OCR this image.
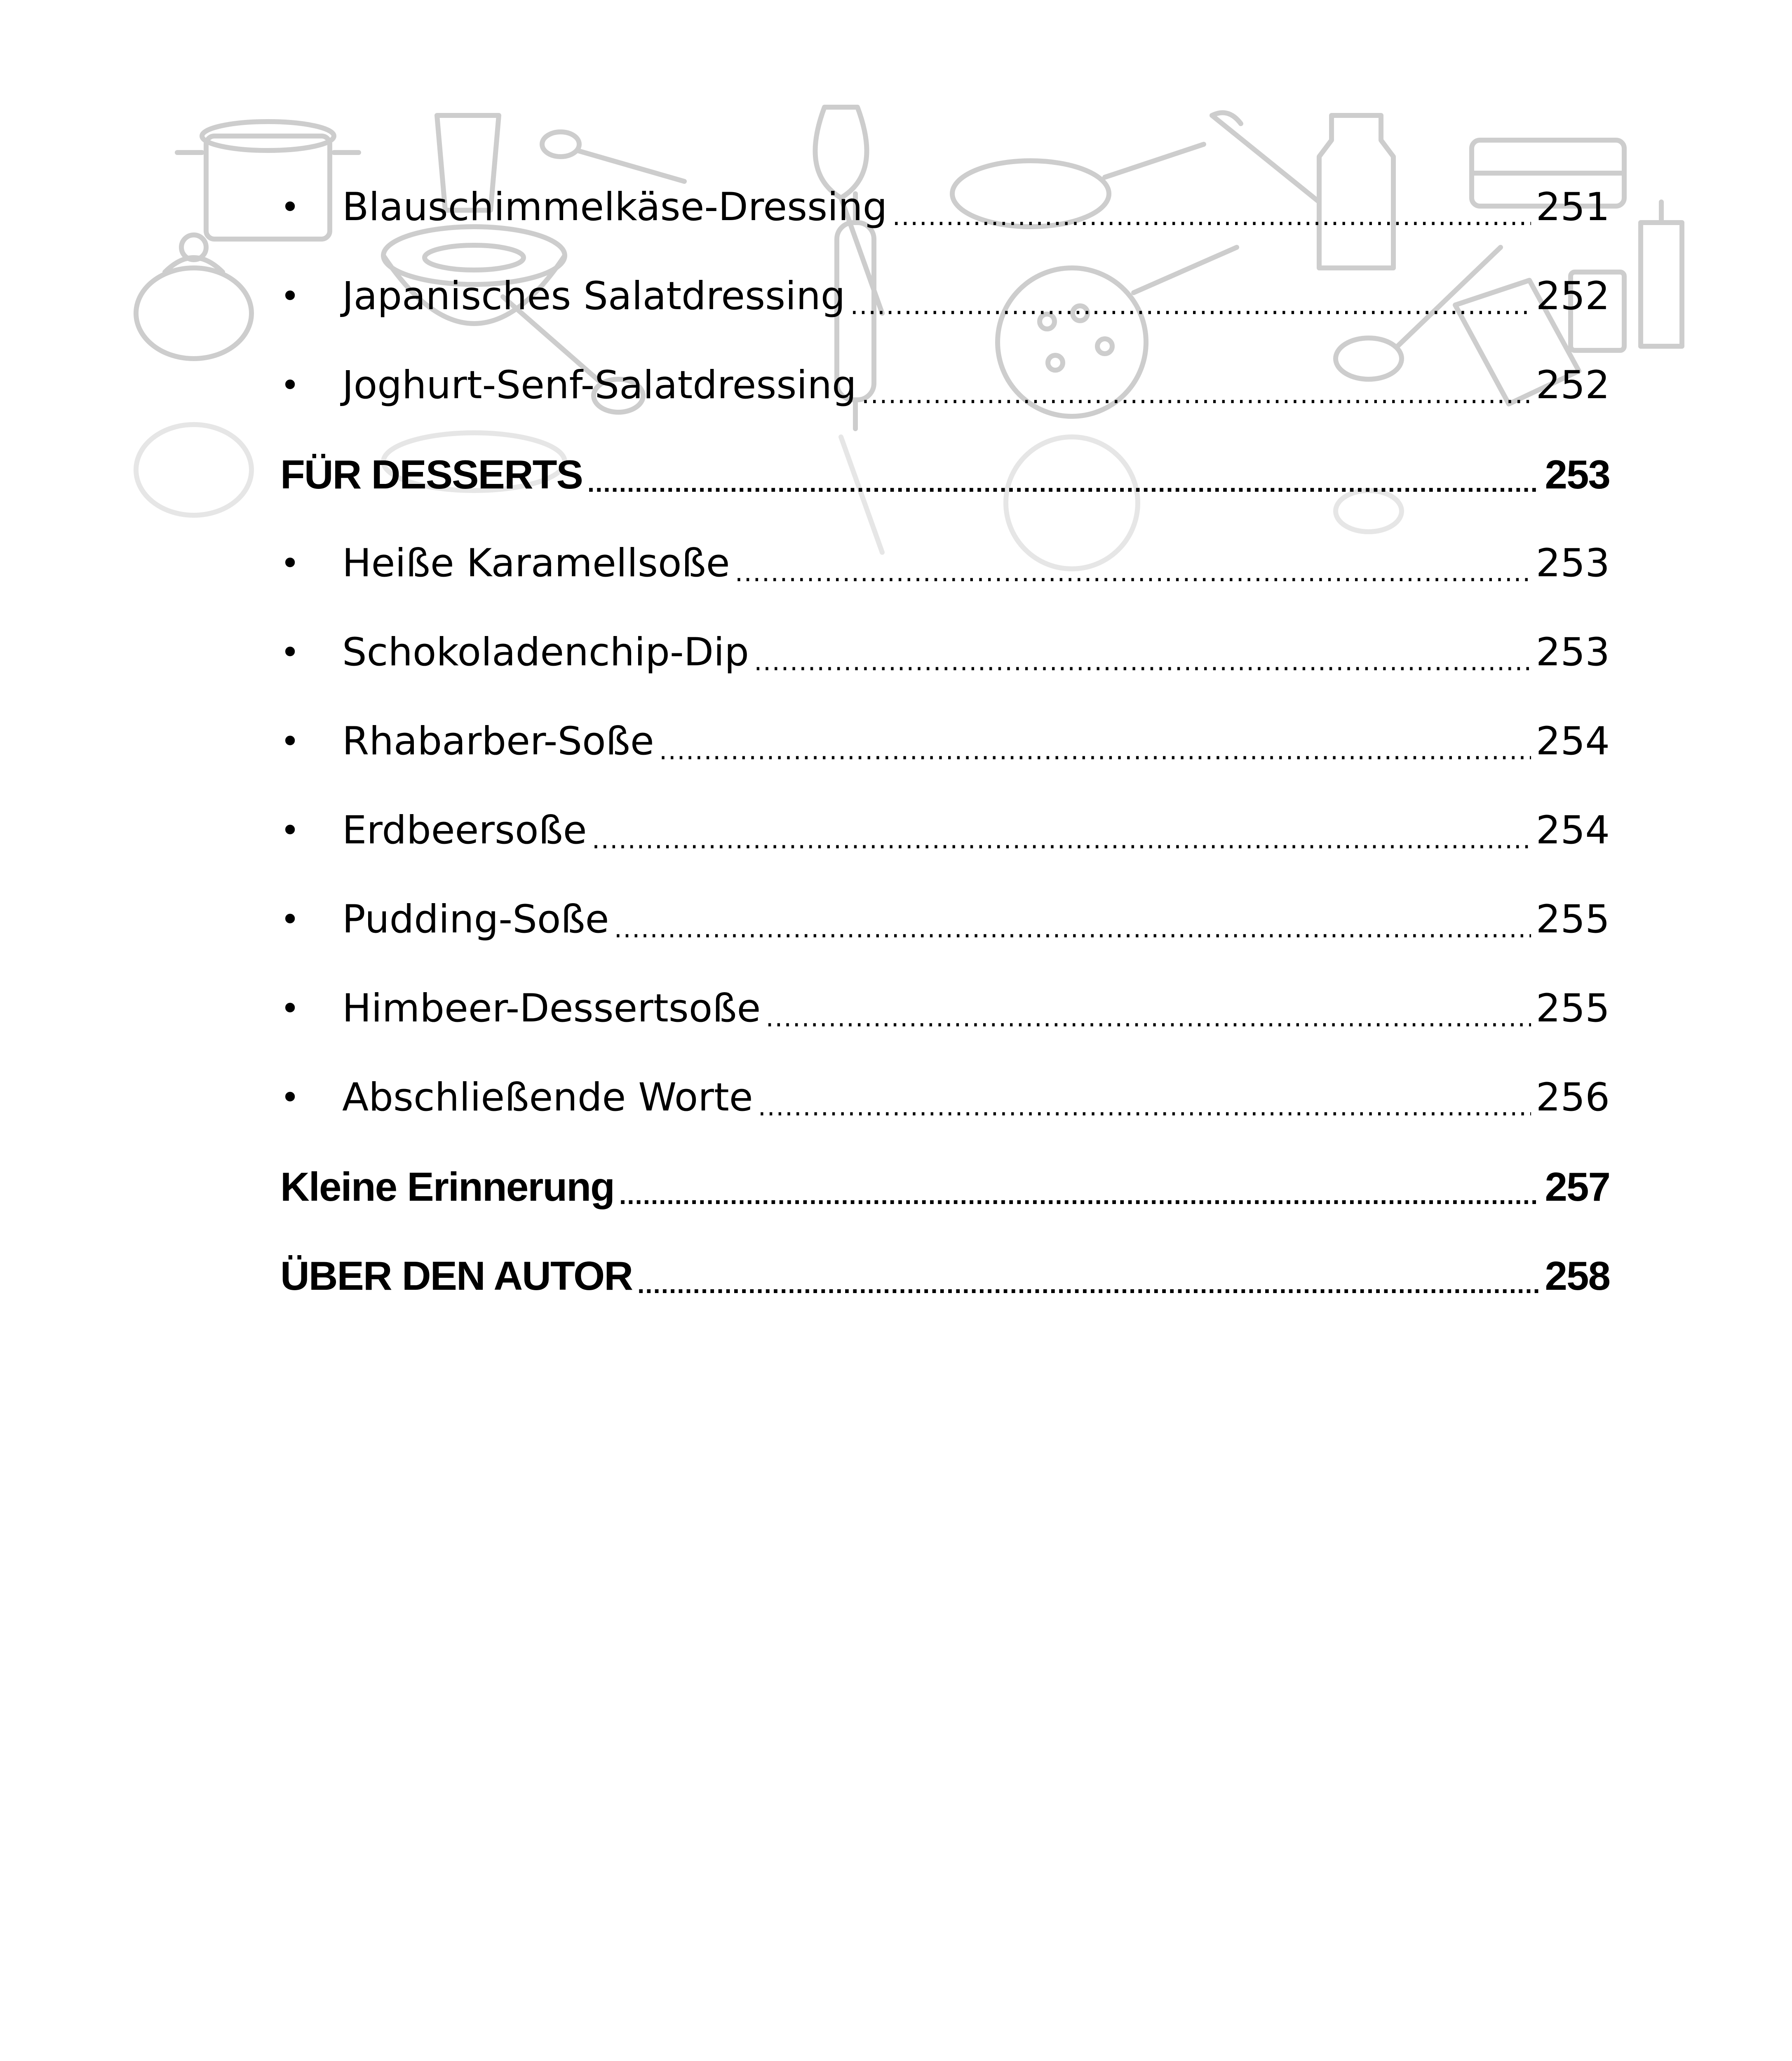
•	Blauschimmelkäse-Dressing .....	251
•	Japanisches Salatdressing .....	252
•	Joghurt-Senf-Salatdressing .....	252
FÜR DESSERTS .....	253
•	Heiße Karamellsoße .....	253
•	Schokoladenchip-Dip .....	253
•	Rhabarber-Soße .....	254
•	Erdbeersoße .....	254
•	Pudding-Soße .....	255
•	Himbeer-Dessertsoße .....	255
•	Abschließende Worte .....	256
Kleine Erinnerung .....	257
ÜBER DEN AUTOR .....	258
